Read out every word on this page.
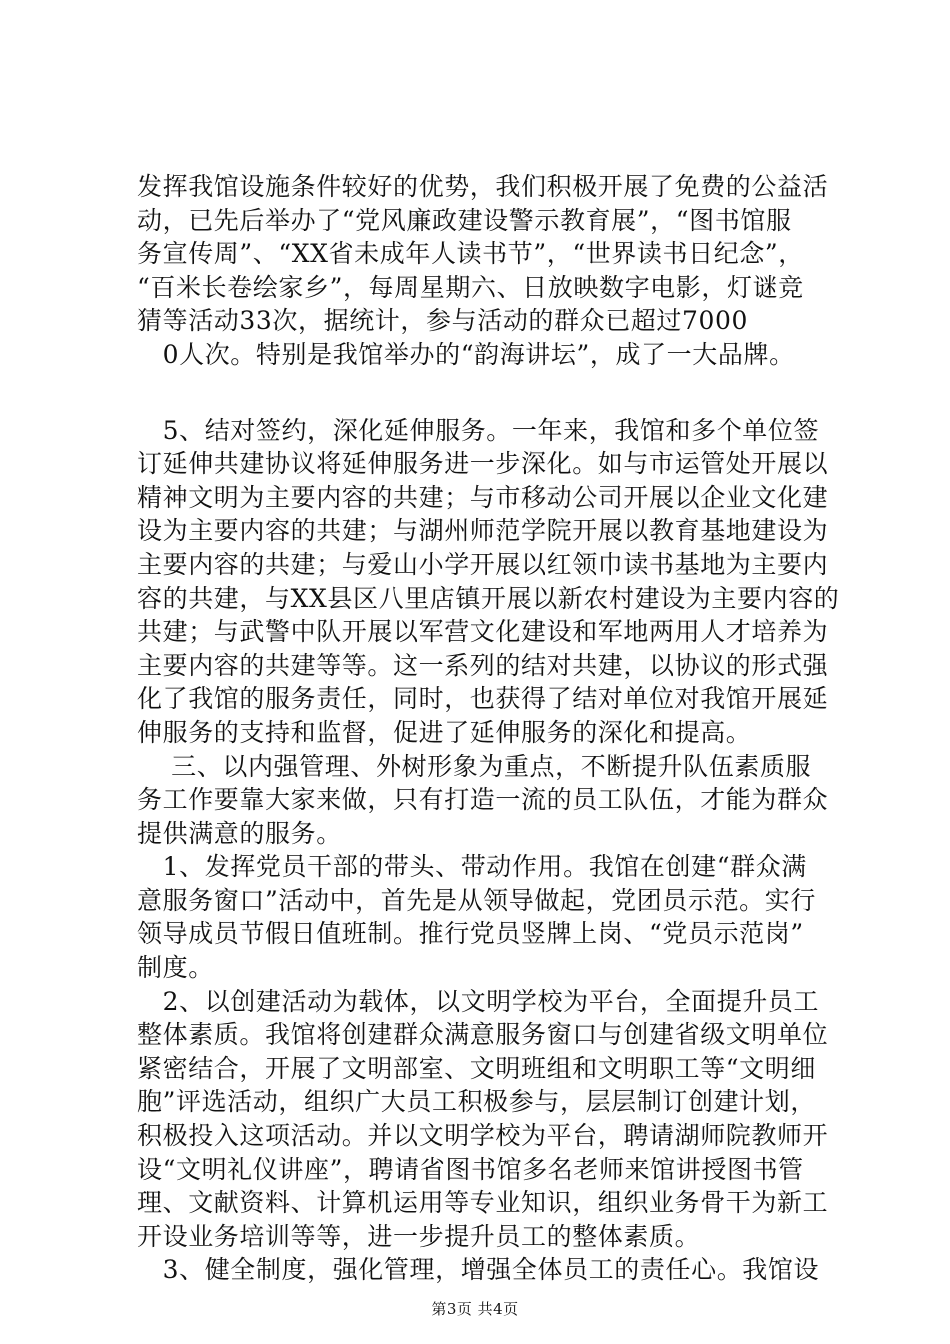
发挥我馆设施条件较好的优势，我们积极开展了免费的公益活
动，已先后举办了“党风廉政建设警示教育展”，“图书馆服
务宣传周”、“XX省未成年人读书节”，“世界读书日纪念”，
“百米长卷绘家乡”，每周星期六、日放映数字电影，灯谜竞
猜等活动33次，据统计，参与活动的群众已超过7000
　0人次。特别是我馆举办的“韵海讲坛”，成了一大品牌。
　5、结对签约，深化延伸服务。一年来，我馆和多个单位签
订延伸共建协议将延伸服务进一步深化。如与市运管处开展以
精神文明为主要内容的共建；与市移动公司开展以企业文化建
设为主要内容的共建；与湖州师范学院开展以教育基地建设为
主要内容的共建；与爱山小学开展以红领巾读书基地为主要内
容的共建，与XX县区八里店镇开展以新农村建设为主要内容的
共建；与武警中队开展以军营文化建设和军地两用人才培养为
主要内容的共建等等。这一系列的结对共建，以协议的形式强
化了我馆的服务责任，同时，也获得了结对单位对我馆开展延
伸服务的支持和监督，促进了延伸服务的深化和提高。
　 三、以内强管理、外树形象为重点，不断提升队伍素质服
务工作要靠大家来做，只有打造一流的员工队伍，才能为群众
提供满意的服务。
　1、发挥党员干部的带头、带动作用。我馆在创建“群众满
意服务窗口”活动中，首先是从领导做起，党团员示范。实行
领导成员节假日值班制。推行党员竖牌上岗、“党员示范岗”
制度。
　2、以创建活动为载体，以文明学校为平台，全面提升员工
整体素质。我馆将创建群众满意服务窗口与创建省级文明单位
紧密结合，开展了文明部室、文明班组和文明职工等“文明细
胞”评选活动，组织广大员工积极参与，层层制订创建计划，
积极投入这项活动。并以文明学校为平台，聘请湖师院教师开
设“文明礼仪讲座”，聘请省图书馆多名老师来馆讲授图书管
理、文献资料、计算机运用等专业知识，组织业务骨干为新工
开设业务培训等等，进一步提升员工的整体素质。
　3、健全制度，强化管理，增强全体员工的责任心。我馆设
第3页 共4页
